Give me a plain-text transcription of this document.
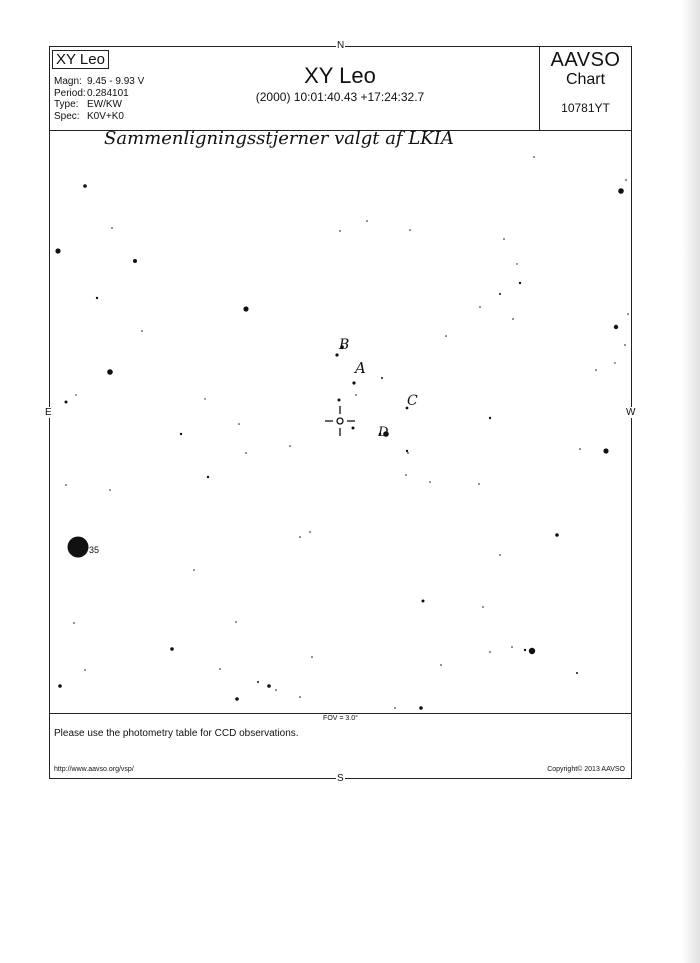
XY Leo
Magn: 9.45 - 9.93 V
Period:0.284101
Type: EW/KW
Spec: K0V+K0
XY Leo
(2000) 10:01:40.43 +17:24:32.7
AAVSO
Chart
10781YT
35
B
A
C
D
FOV = 3.0°
Please use the photometry table for CCD observations.
http://www.aavso.org/vsp/	Copyright© 2013 AAVSO
Sammenligningsstjerner valgt af LKIA
N
S
E	W
